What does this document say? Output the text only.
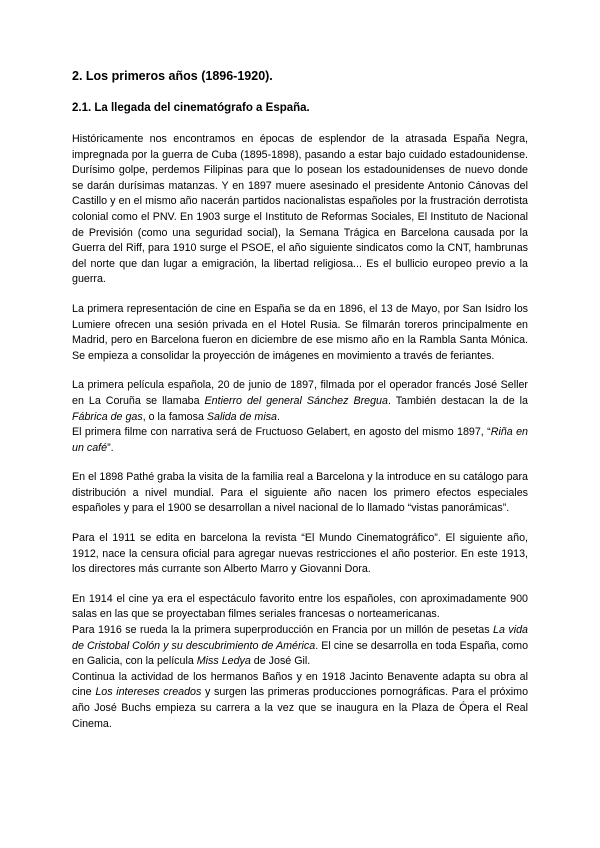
2. Los primeros años (1896-1920).
2.1. La llegada del cinematógrafo a España.

Históricamente nos encontramos en épocas de esplendor de la atrasada España Negra, impregnada por la guerra de Cuba (1895-1898), pasando a estar bajo cuidado estadounidense. Durísimo golpe, perdemos Filipinas para que lo posean los estadounidenses de nuevo donde se darán durísimas matanzas. Y en 1897 muere asesinado el presidente Antonio Cánovas del Castillo y en el mismo año nacerán partidos nacionalistas españoles por la frustración derrotista colonial como el PNV. En 1903 surge el Instituto de Reformas Sociales, El Instituto de Nacional de Previsión (como una seguridad social), la Semana Trágica en Barcelona causada por la Guerra del Riff, para 1910 surge el PSOE, el año siguiente sindicatos como la CNT, hambrunas del norte que dan lugar a emigración, la libertad religiosa... Es el bullicio europeo previo a la guerra.

La primera representación de cine en España se da en 1896, el 13 de Mayo, por San Isidro los Lumiere ofrecen una sesión privada en el Hotel Rusia. Se filmarán toreros principalmente en Madrid, pero en Barcelona fueron en diciembre de ese mismo año en la Rambla Santa Mónica. Se empieza a consolidar la proyección de imágenes en movimiento a través de feriantes.

La primera película española, 20 de junio de 1897, filmada por el operador francés José Seller en La Coruña se llamaba Entierro del general Sánchez Bregua. También destacan la de la Fábrica de gas, o la famosa Salida de misa.

El primera filme con narrativa será de Fructuoso Gelabert, en agosto del mismo 1897, “Riña en un café”.

En el 1898 Pathé graba la visita de la familia real a Barcelona y la introduce en su catálogo para distribución a nivel mundial. Para el siguiente año nacen los primero efectos especiales españoles y para el 1900 se desarrollan a nivel nacional de lo llamado “vistas panorámicas”.

Para el 1911 se edita en barcelona la revista “El Mundo Cinematográfico”. El siguiente año, 1912, nace la censura oficial para agregar nuevas restricciones el año posterior. En este 1913, los directores más currante son Alberto Marro y Giovanni Dora.

En 1914 el cine ya era el espectáculo favorito entre los españoles, con aproximadamente 900 salas en las que se proyectaban filmes seriales francesas o norteamericanas.

Para 1916 se rueda la la primera superproducción en Francia por un millón de pesetas La vida de Cristobal Colón y su descubrimiento de América. El cine se desarrolla en toda España, como en Galicia, con la película Miss Ledya de José Gil.

Continua la actividad de los hermanos Baños y en 1918 Jacinto Benavente adapta su obra al cine Los intereses creados y surgen las primeras producciones pornográficas. Para el próximo año José Buchs empieza su carrera a la vez que se inaugura en la Plaza de Ópera el Real Cinema.
